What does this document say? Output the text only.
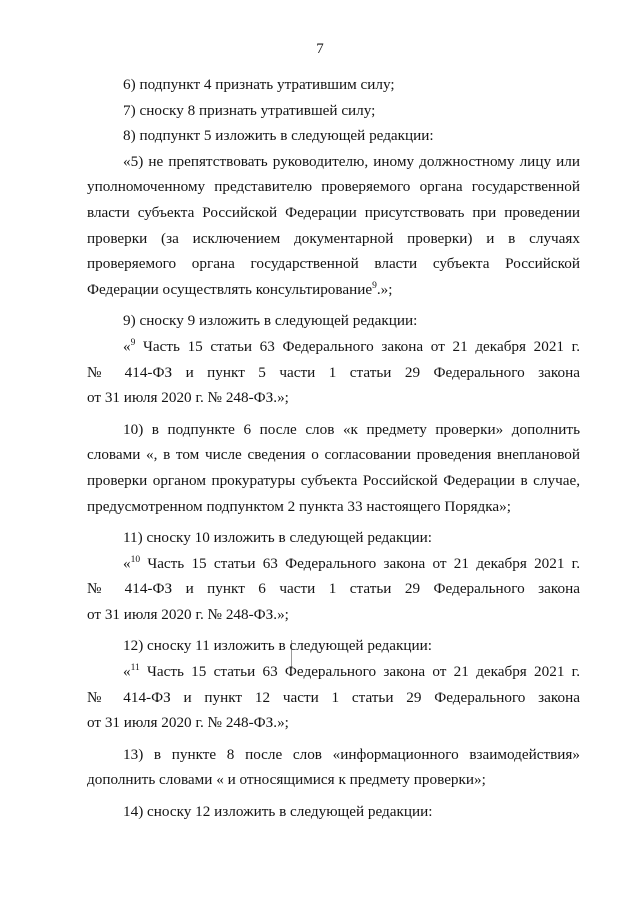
7
6) подпункт 4 признать утратившим силу;
7) сноску 8 признать утратившей силу;
8) подпункт 5 изложить в следующей редакции:
«5) не препятствовать руководителю, иному должностному лицу или
уполномоченному представителю проверяемого органа государственной
власти субъекта Российской Федерации присутствовать при проведении
проверки (за исключением документарной проверки) и в случаях
проверяемого органа государственной власти субъекта Российской
Федерации осуществлять консультирование$^9$.»;
9) сноску 9 изложить в следующей редакции:
«$^9$ Часть 15 статьи 63 Федерального закона от 21 декабря 2021 г.
№ 414-ФЗ и пункт 5 части 1 статьи 29 Федерального закона
от 31 июля 2020 г. № 248-ФЗ.»;
10) в подпункте 6 после слов «к предмету проверки» дополнить
словами «, в том числе сведения о согласовании проведения внеплановой
проверки органом прокуратуры субъекта Российской Федерации в случае,
предусмотренном подпунктом 2 пункта 33 настоящего Порядка»;
11) сноску 10 изложить в следующей редакции:
«$^{10}$ Часть 15 статьи 63 Федерального закона от 21 декабря 2021 г.
№ 414-ФЗ и пункт 6 части 1 статьи 29 Федерального закона
от 31 июля 2020 г. № 248-ФЗ.»;
12) сноску 11 изложить в следующей редакции:
«$^{11}$ Часть 15 статьи 63 Федерального закона от 21 декабря 2021 г.
№ 414-ФЗ и пункт 12 части 1 статьи 29 Федерального закона
от 31 июля 2020 г. № 248-ФЗ.»;
13) в пункте 8 после слов «информационного взаимодействия»
дополнить словами « и относящимися к предмету проверки»;
14) сноску 12 изложить в следующей редакции:
